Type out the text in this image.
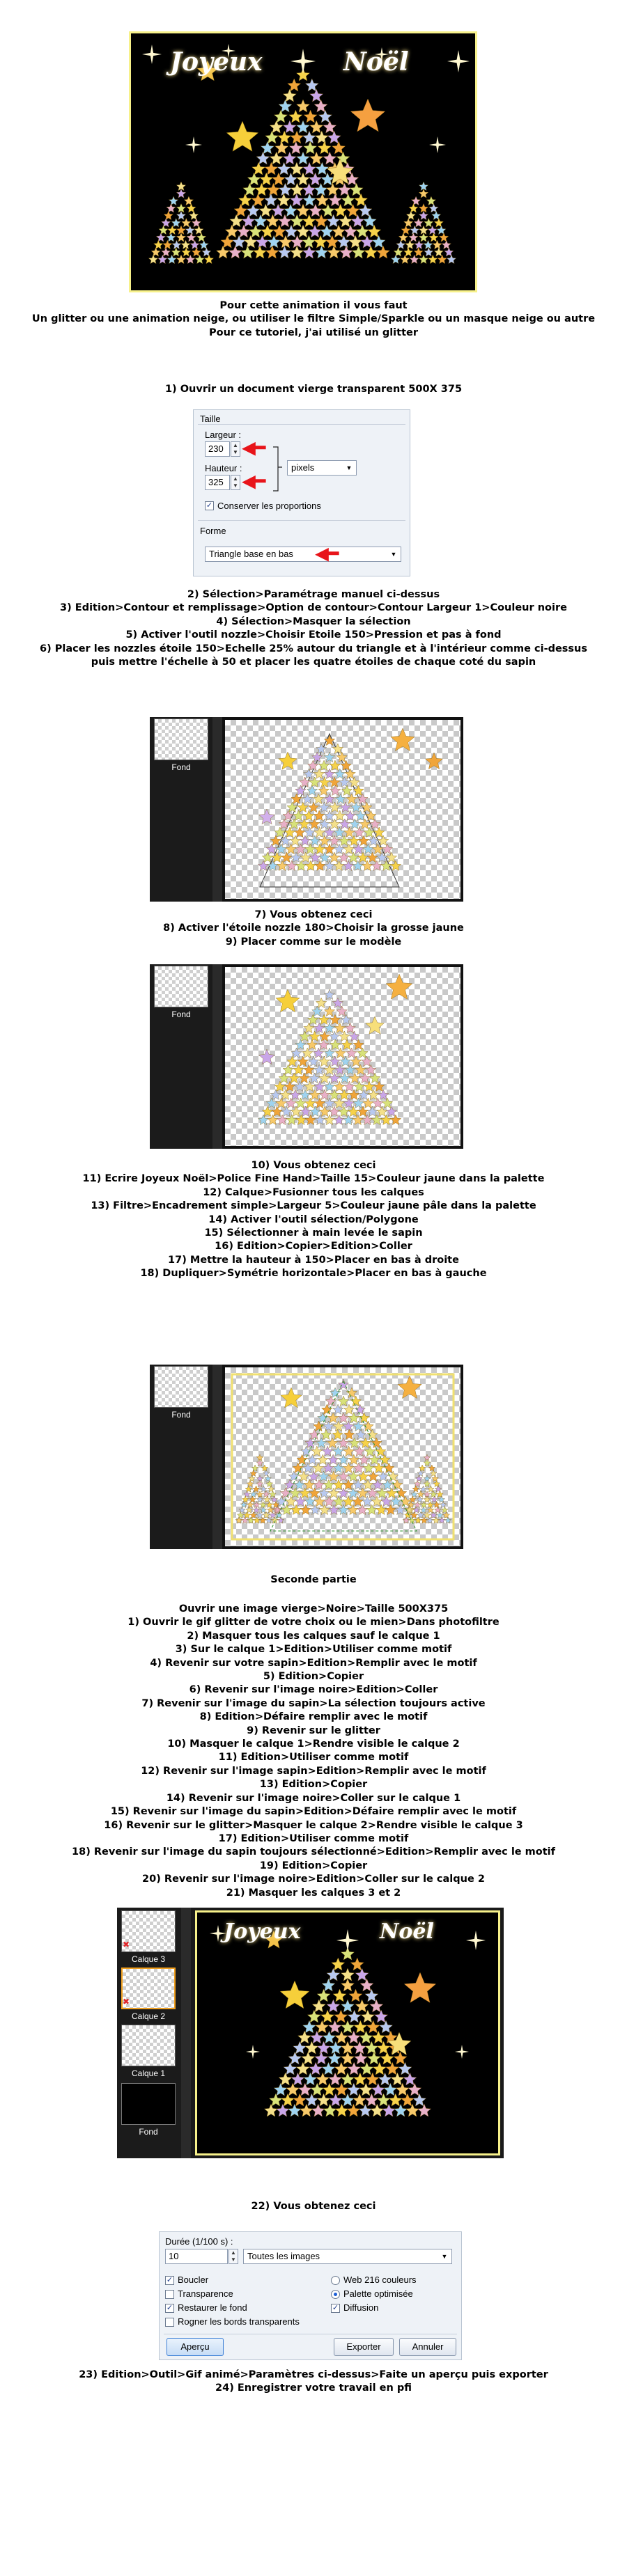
Joyeux	Noël

Pour cette animation il vous faut

Un glitter ou une animation neige, ou utiliser le filtre Simple/Sparkle ou un masque neige ou autre

Pour ce tutoriel, j'ai utilisé un glitter

1) Ouvrir un document vierge transparent 500X 375

Taille
Largeur :
230	▲
▼ ◀━
Hauteur :
325	▲
▼ ◀━
pixels	▼
✓ Conserver les proportions
Forme
Triangle base en bas	▼
◀━

2) Sélection>Paramétrage manuel ci-dessus

3) Edition>Contour et remplissage>Option de contour>Contour Largeur 1>Couleur noire

4) Sélection>Masquer la sélection

5) Activer l'outil nozzle>Choisir Etoile 150>Pression et pas à fond

6) Placer les nozzles étoile 150>Echelle 25% autour du triangle et à l'intérieur comme ci-dessus

puis mettre l'échelle à 50 et placer les quatre étoiles de chaque coté du sapin

Fond

7) Vous obtenez ceci

8) Activer l'étoile nozzle 180>Choisir la grosse jaune

9) Placer comme sur le modèle

Fond

10) Vous obtenez ceci

11) Ecrire Joyeux Noël>Police Fine Hand>Taille 15>Couleur jaune dans la palette

12) Calque>Fusionner tous les calques

13) Filtre>Encadrement simple>Largeur 5>Couleur jaune pâle dans la palette

14) Activer l'outil sélection/Polygone

15) Sélectionner à main levée le sapin

16) Edition>Copier>Edition>Coller

17) Mettre la hauteur à 150>Placer en bas à droite

18) Dupliquer>Symétrie horizontale>Placer en bas à gauche

Fond

Seconde partie

Ouvrir une image vierge>Noire>Taille 500X375

1) Ouvrir le gif glitter de votre choix ou le mien>Dans photofiltre

2) Masquer tous les calques sauf le calque 1

3) Sur le calque 1>Edition>Utiliser comme motif

4) Revenir sur votre sapin>Edition>Remplir avec le motif

5) Edition>Copier

6) Revenir sur l'image noire>Edition>Coller

7) Revenir sur l'image du sapin>La sélection toujours active

8) Edition>Défaire remplir avec le motif

9) Revenir sur le glitter

10) Masquer le calque 1>Rendre visible le calque 2

11) Edition>Utiliser comme motif

12) Revenir sur l'image sapin>Edition>Remplir avec le motif

13) Edition>Copier

14) Revenir sur l'image noire>Coller sur le calque 1

15) Revenir sur l'image du sapin>Edition>Défaire remplir avec le motif

16) Revenir sur le glitter>Masquer le calque 2>Rendre visible le calque 3

17) Edition>Utiliser comme motif

18) Revenir sur l'image du sapin toujours sélectionné>Edition>Remplir avec le motif

19) Edition>Copier

20) Revenir sur l'image noire>Edition>Coller sur le calque 2

21) Masquer les calques 3 et 2

✖
Calque 3
✖
Calque 2
Calque 1
Fond
Joyeux	Noël

22) Vous obtenez ceci

Durée (1/100 s) :
10	▲
▼	Toutes les images	▼
✓ Boucler
Transparence
✓ Restaurer le fond
Rogner les bords transparents
Web 216 couleurs
Palette optimisée
✓ Diffusion
Aperçu	Exporter	Annuler

23) Edition>Outil>Gif animé>Paramètres ci-dessus>Faite un aperçu puis exporter

24) Enregistrer votre travail en pfi
